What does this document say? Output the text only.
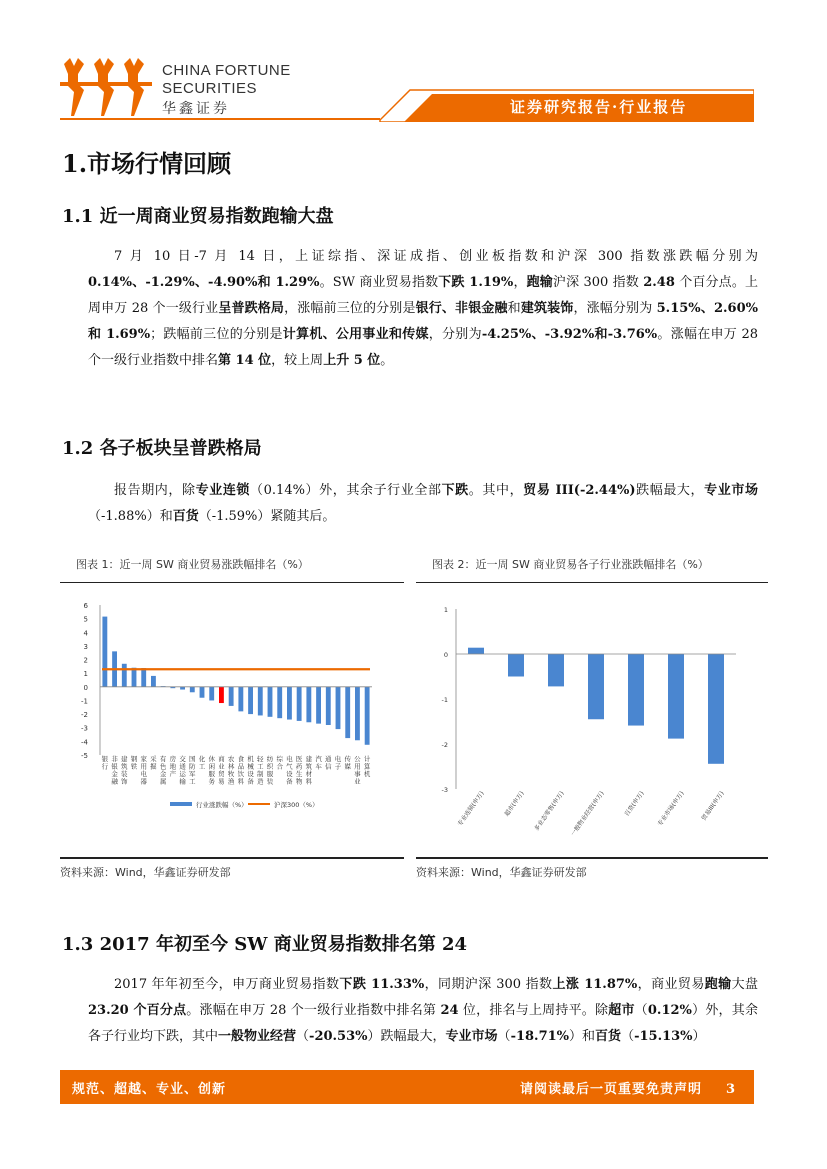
CHINA FORTUNE
SECURITIES
华鑫证券	证券研究报告·行业报告
1.市场行情回顾
1.1 近一周商业贸易指数跑输大盘
7 月 10 日-7 月 14 日，上证综指、深证成指、创业板指数和沪深 300 指数涨跌幅分别为 0.14%、-1.29%、-4.90%和 1.29%。SW 商业贸易指数下跌 1.19%，跑输沪深 300 指数 2.48 个百分点。上周申万 28 个一级行业呈普跌格局，涨幅前三位的分别是银行、非银金融和建筑装饰，涨幅分别为 5.15%、2.60%和 1.69%；跌幅前三位的分别是计算机、公用事业和传媒，分别为-4.25%、-3.92%和-3.76%。涨幅在申万 28 个一级行业指数中排名第 14 位，较上周上升 5 位。
1.2 各子板块呈普跌格局
报告期内，除专业连锁（0.14%）外，其余子行业全部下跌。其中，贸易 III(-2.44%)跌幅最大，专业市场（-1.88%）和百货（-1.59%）紧随其后。
图表 1：近一周 SW 商业贸易涨跌幅排名（%）
-5
-4
-3
-2
-1
0
1
2
3
4
5
6
银行
非银金融
建筑装饰
钢铁
家用电器
采掘
有色金属
房地产
交通运输
国防军工
化工
休闲服务
商业贸易
农林牧渔
食品饮料
机械设备
轻工制造
纺织服装
综合
电气设备
医药生物
建筑材料
汽车
通信
电子
传媒
公用事业
计算机
行业涨跌幅（%）	沪深300（%）
资料来源：Wind，华鑫证券研发部
图表 2：近一周 SW 商业贸易各子行业涨跌幅排名（%）
-3
-2
-1
0
1
专业连锁(申万)	超市(申万) 多业态零售(申万) 一般物业经营(申万)	百货(申万) 专业市场(申万) 贸易III(申万)
资料来源：Wind，华鑫证券研发部
1.3 2017 年初至今 SW 商业贸易指数排名第 24
2017 年年初至今，申万商业贸易指数下跌 11.33%，同期沪深 300 指数上涨 11.87%，商业贸易跑输大盘 23.20 个百分点。涨幅在申万 28 个一级行业指数中排名第 24 位，排名与上周持平。除超市（0.12%）外，其余各子行业均下跌，其中一般物业经营（-20.53%）跌幅最大，专业市场（-18.71%）和百货（-15.13%）
规范、超越、专业、创新	请阅读最后一页重要免责声明 3
